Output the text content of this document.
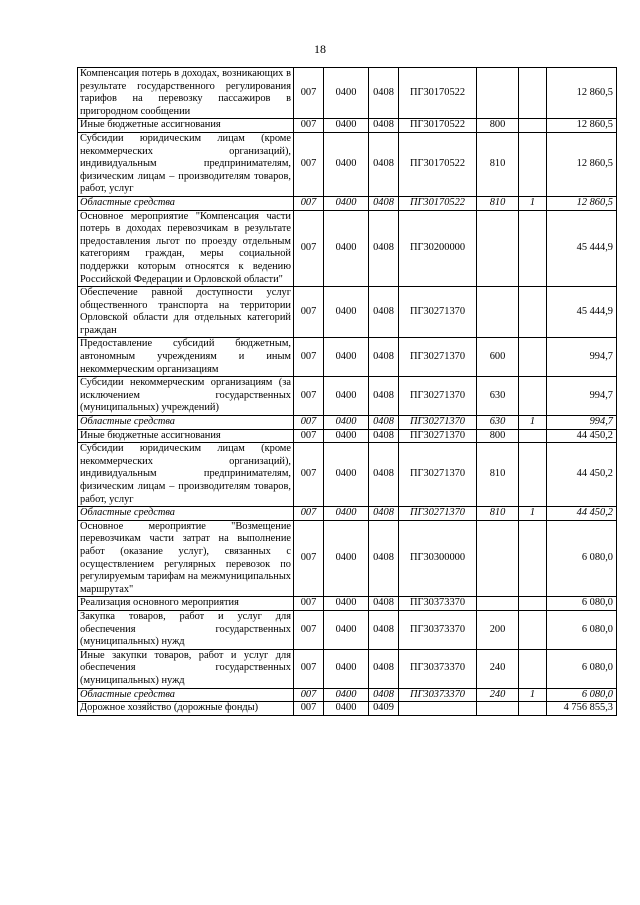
18
Компенсация потерь в доходах, возникающих в результате государственного регулирования тарифов на перевозку пассажиров в пригородном сообщении	007	0400	0408	ПГ30170522			12 860,5
Иные бюджетные ассигнования	007	0400	0408	ПГ30170522	800		12 860,5
Субсидии юридическим лицам (кроме некоммерческих организаций), индивидуальным предпринимателям, физическим лицам – производителям товаров, работ, услуг	007	0400	0408	ПГ30170522	810		12 860,5
Областные средства	007	0400	0408	ПГ30170522	810	1	12 860,5
Основное мероприятие "Компенсация части потерь в доходах перевозчикам в результате предоставления льгот по проезду отдельным категориям граждан, меры социальной поддержки которым относятся к ведению Российской Федерации и Орловской области"	007	0400	0408	ПГ30200000			45 444,9
Обеспечение равной доступности услуг общественного транспорта на территории Орловской области для отдельных категорий граждан	007	0400	0408	ПГ30271370			45 444,9
Предоставление субсидий бюджетным, автономным учреждениям и иным некоммерческим организациям	007	0400	0408	ПГ30271370	600		994,7
Субсидии некоммерческим организациям (за исключением государственных (муниципальных) учреждений)	007	0400	0408	ПГ30271370	630		994,7
Областные средства	007	0400	0408	ПГ30271370	630	1	994,7
Иные бюджетные ассигнования	007	0400	0408	ПГ30271370	800		44 450,2
Субсидии юридическим лицам (кроме некоммерческих организаций), индивидуальным предпринимателям, физическим лицам – производителям товаров, работ, услуг	007	0400	0408	ПГ30271370	810		44 450,2
Областные средства	007	0400	0408	ПГ30271370	810	1	44 450,2
Основное мероприятие "Возмещение перевозчикам части затрат на выполнение работ (оказание услуг), связанных с осуществлением регулярных перевозок по регулируемым тарифам на межмуниципальных маршрутах"	007	0400	0408	ПГ30300000			6 080,0
Реализация основного мероприятия	007	0400	0408	ПГ30373370			6 080,0
Закупка товаров, работ и услуг для обеспечения государственных (муниципальных) нужд	007	0400	0408	ПГ30373370	200		6 080,0
Иные закупки товаров, работ и услуг для обеспечения государственных (муниципальных) нужд	007	0400	0408	ПГ30373370	240		6 080,0
Областные средства	007	0400	0408	ПГ30373370	240	1	6 080,0
Дорожное хозяйство (дорожные фонды)	007	0400	0409				4 756 855,3
